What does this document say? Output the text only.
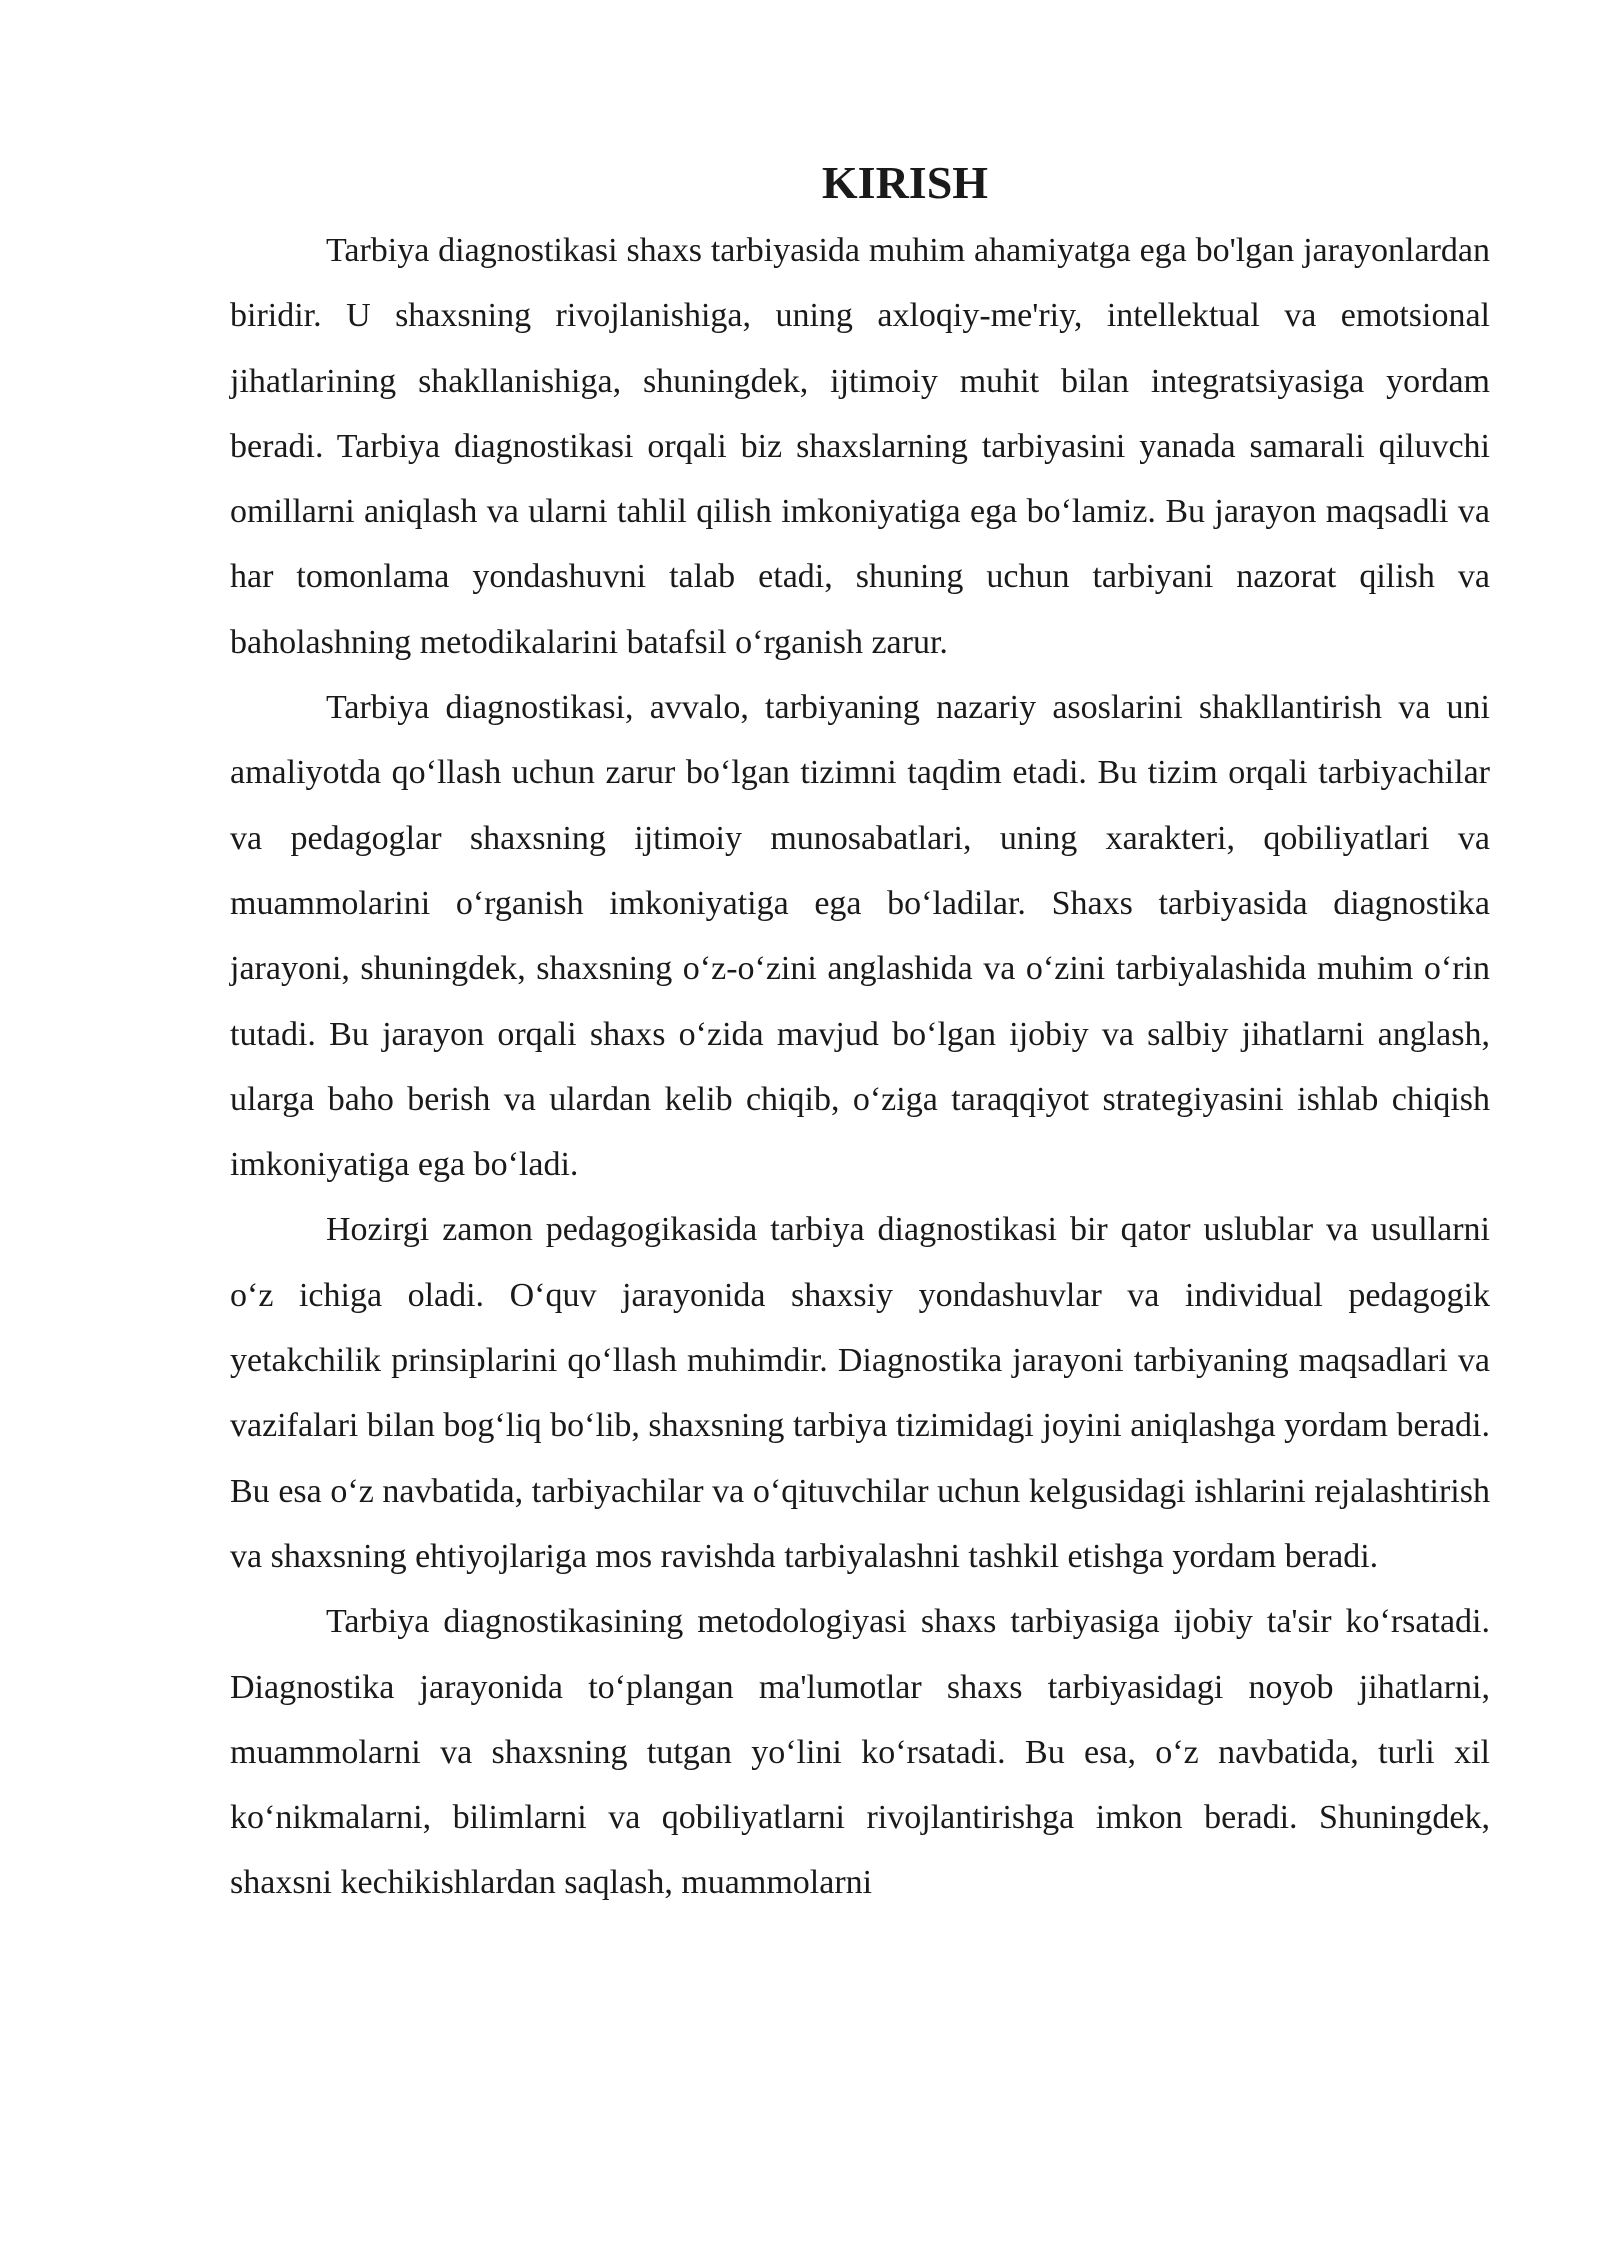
KIRISH

Tarbiya diagnostikasi shaxs tarbiyasida muhim ahamiyatga ega bo'lgan jarayonlardan biridir. U shaxsning rivojlanishiga, uning axloqiy-me'riy, intellektual va emotsional jihatlarining shakllanishiga, shuningdek, ijtimoiy muhit bilan integratsiyasiga yordam beradi. Tarbiya diagnostikasi orqali biz shaxslarning tarbiyasini yanada samarali qiluvchi omillarni aniqlash va ularni tahlil qilish imkoniyatiga ega bo‘lamiz. Bu jarayon maqsadli va har tomonlama yondashuvni talab etadi, shuning uchun tarbiyani nazorat qilish va baholashning metodikalarini batafsil o‘rganish zarur.

Tarbiya diagnostikasi, avvalo, tarbiyaning nazariy asoslarini shakllantirish va uni amaliyotda qo‘llash uchun zarur bo‘lgan tizimni taqdim etadi. Bu tizim orqali tarbiyachilar va pedagoglar shaxsning ijtimoiy munosabatlari, uning xarakteri, qobiliyatlari va muammolarini o‘rganish imkoniyatiga ega bo‘ladilar. Shaxs tarbiyasida diagnostika jarayoni, shuningdek, shaxsning o‘z-o‘zini anglashida va o‘zini tarbiyalashida muhim o‘rin tutadi. Bu jarayon orqali shaxs o‘zida mavjud bo‘lgan ijobiy va salbiy jihatlarni anglash, ularga baho berish va ulardan kelib chiqib, o‘ziga taraqqiyot strategiyasini ishlab chiqish imkoniyatiga ega bo‘ladi.

Hozirgi zamon pedagogikasida tarbiya diagnostikasi bir qator uslublar va usullarni o‘z ichiga oladi. O‘quv jarayonida shaxsiy yondashuvlar va individual pedagogik yetakchilik prinsiplarini qo‘llash muhimdir. Diagnostika jarayoni tarbiyaning maqsadlari va vazifalari bilan bog‘liq bo‘lib, shaxsning tarbiya tizimidagi joyini aniqlashga yordam beradi. Bu esa o‘z navbatida, tarbiyachilar va o‘qituvchilar uchun kelgusidagi ishlarini rejalashtirish va shaxsning ehtiyojlariga mos ravishda tarbiyalashni tashkil etishga yordam beradi.

Tarbiya diagnostikasining metodologiyasi shaxs tarbiyasiga ijobiy ta'sir ko‘rsatadi. Diagnostika jarayonida to‘plangan ma'lumotlar shaxs tarbiyasidagi noyob jihatlarni, muammolarni va shaxsning tutgan yo‘lini ko‘rsatadi. Bu esa, o‘z navbatida, turli xil ko‘nikmalarni, bilimlarni va qobiliyatlarni rivojlantirishga imkon beradi. Shuningdek, shaxsni kechikishlardan saqlash, muammolarni
